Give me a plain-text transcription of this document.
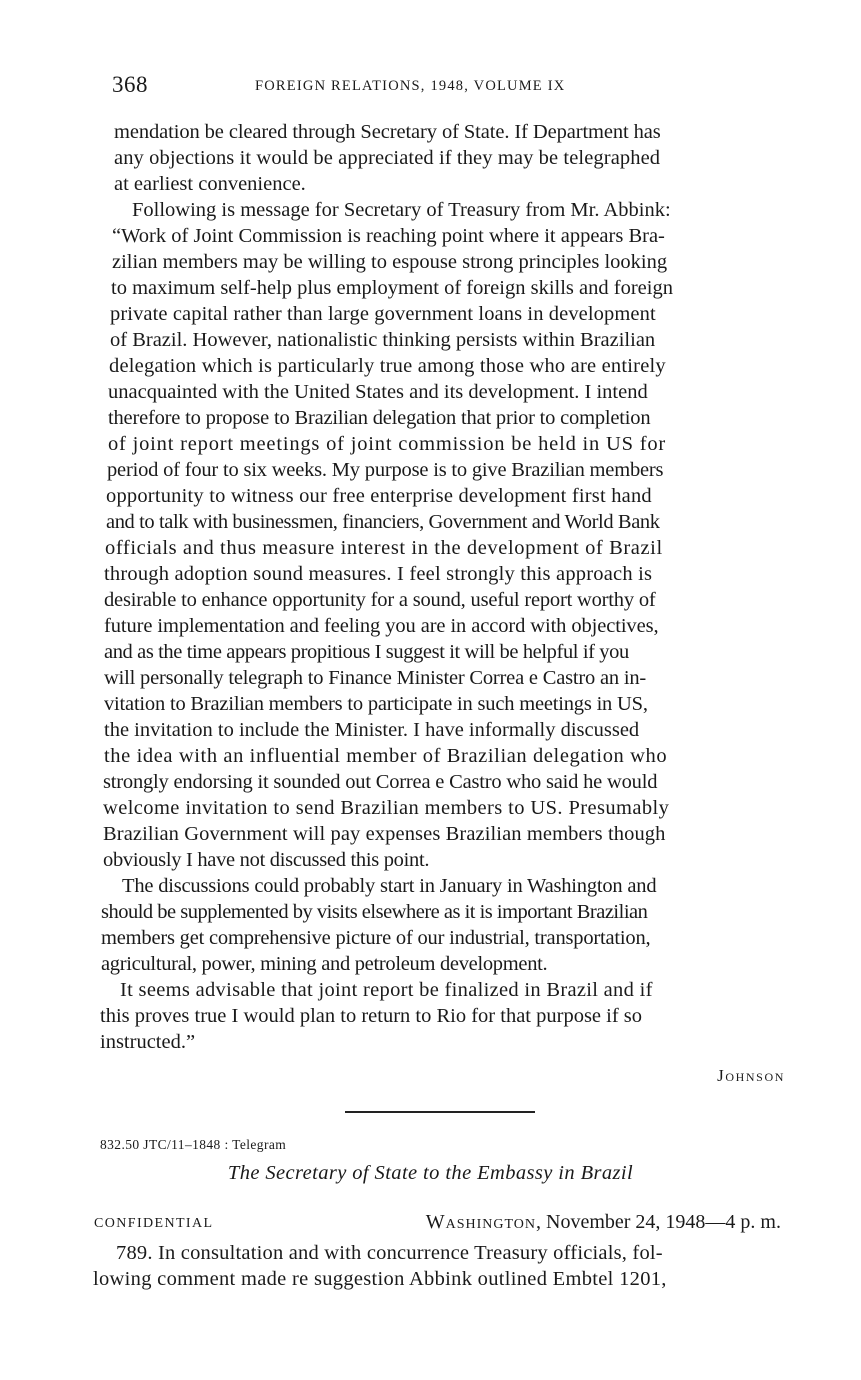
368	FOREIGN RELATIONS, 1948, VOLUME IX
mendation be cleared through Secretary of State. If Department has
any objections it would be appreciated if they may be telegraphed
at earliest convenience.
Following is message for Secretary of Treasury from Mr. Abbink:
“Work of Joint Commission is reaching point where it appears Bra-
zilian members may be willing to espouse strong principles looking
to maximum self-help plus employment of foreign skills and foreign
private capital rather than large government loans in development
of Brazil. However, nationalistic thinking persists within Brazilian
delegation which is particularly true among those who are entirely
unacquainted with the United States and its development. I intend
therefore to propose to Brazilian delegation that prior to completion
of joint report meetings of joint commission be held in US for
period of four to six weeks. My purpose is to give Brazilian members
opportunity to witness our free enterprise development first hand
and to talk with businessmen, financiers, Government and World Bank
officials and thus measure interest in the development of Brazil
through adoption sound measures. I feel strongly this approach is
desirable to enhance opportunity for a sound, useful report worthy of
future implementation and feeling you are in accord with objectives,
and as the time appears propitious I suggest it will be helpful if you
will personally telegraph to Finance Minister Correa e Castro an in-
vitation to Brazilian members to participate in such meetings in US,
the invitation to include the Minister. I have informally discussed
the idea with an influential member of Brazilian delegation who
strongly endorsing it sounded out Correa e Castro who said he would
welcome invitation to send Brazilian members to US. Presumably
Brazilian Government will pay expenses Brazilian members though
obviously I have not discussed this point.
The discussions could probably start in January in Washington and
should be supplemented by visits elsewhere as it is important Brazilian
members get comprehensive picture of our industrial, transportation,
agricultural, power, mining and petroleum development.
It seems advisable that joint report be finalized in Brazil and if
this proves true I would plan to return to Rio for that purpose if so
instructed.”
Johnson
832.50 JTC/11–1848 : Telegram
The Secretary of State to the Embassy in Brazil
CONFIDENTIAL	Washington, November 24, 1948—4 p. m.
789. In consultation and with concurrence Treasury officials, fol-
lowing comment made re suggestion Abbink outlined Embtel 1201,
